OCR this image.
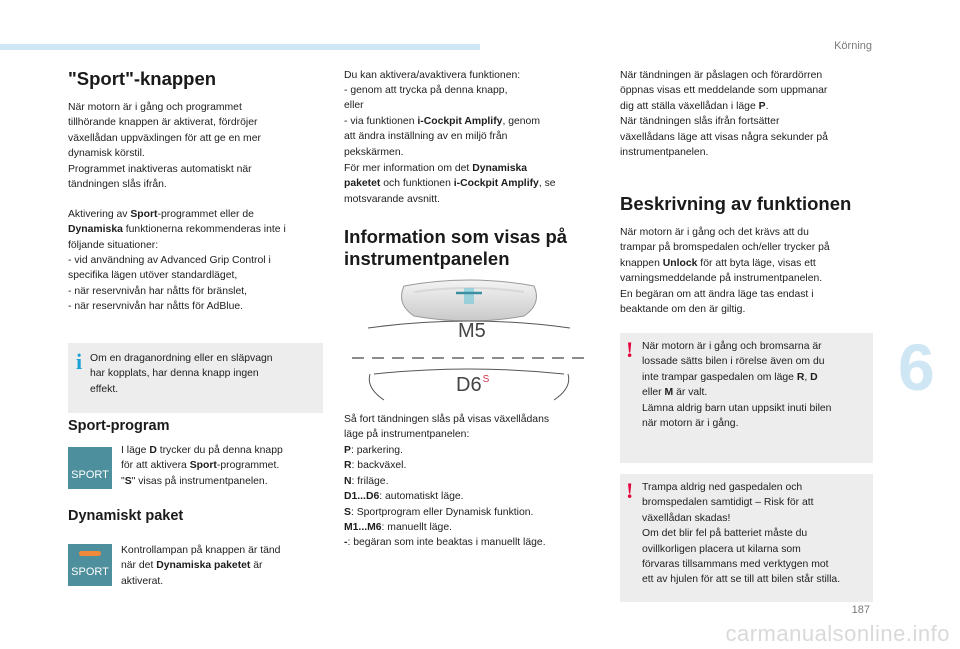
Körning
"Sport"-knappen

När motorn är i gång och programmet
tillhörande knappen är aktiverat, fördröjer
växellådan uppväxlingen för att ge en mer
dynamisk körstil.
Programmet inaktiveras automatiskt när
tändningen slås ifrån.

Aktivering av Sport-programmet eller de
Dynamiska funktionerna rekommenderas inte i
följande situationer:

- vid användning av Advanced Grip Control i
specifika lägen utöver standardläget,

- när reservnivån har nåtts för bränslet,

- när reservnivån har nåtts för AdBlue.

i Om en draganordning eller en släpvagn
har kopplats, har denna knapp ingen
effekt.

Sport-program
SPORT

I läge D trycker du på denna knapp
för att aktivera Sport-programmet.
"S" visas på instrumentpanelen.

Dynamiskt paket
SPORT

Kontrollampan på knappen är tänd
när det Dynamiska paketet är
aktiverat.

Du kan aktivera/avaktivera funktionen:

- genom att trycka på denna knapp,

eller

- via funktionen i-Cockpit Amplify, genom
att ändra inställning av en miljö från
pekskärmen.

För mer information om det Dynamiska
paketet och funktionen i-Cockpit Amplify, se
motsvarande avsnitt.

Information som visas på
instrumentpanelen
M5
$D6^S$

Så fort tändningen slås på visas växellådans
läge på instrumentpanelen:

P: parkering.

R: backväxel.

N: friläge.

D1...D6: automatiskt läge.

S: Sportprogram eller Dynamisk funktion.

M1...M6: manuellt läge.

-: begäran som inte beaktas i manuellt läge.

När tändningen är påslagen och förardörren
öppnas visas ett meddelande som uppmanar
dig att ställa växellådan i läge P.
När tändningen slås ifrån fortsätter
växellådans läge att visas några sekunder på
instrumentpanelen.

Beskrivning av funktionen

När motorn är i gång och det krävs att du
trampar på bromspedalen och/eller trycker på
knappen Unlock för att byta läge, visas ett
varningsmeddelande på instrumentpanelen.
En begäran om att ändra läge tas endast i
beaktande om den är giltig.

! När motorn är i gång och bromsarna är
lossade sätts bilen i rörelse även om du
inte trampar gaspedalen om läge R, D
eller M är valt.
Lämna aldrig barn utan uppsikt inuti bilen
när motorn är i gång.

! Trampa aldrig ned gaspedalen och
bromspedalen samtidigt – Risk för att
växellådan skadas!
Om det blir fel på batteriet måste du
ovillkorligen placera ut kilarna som
förvaras tillsammans med verktygen mot
ett av hjulen för att se till att bilen står stilla.

6
187
carmanualsonline.info
